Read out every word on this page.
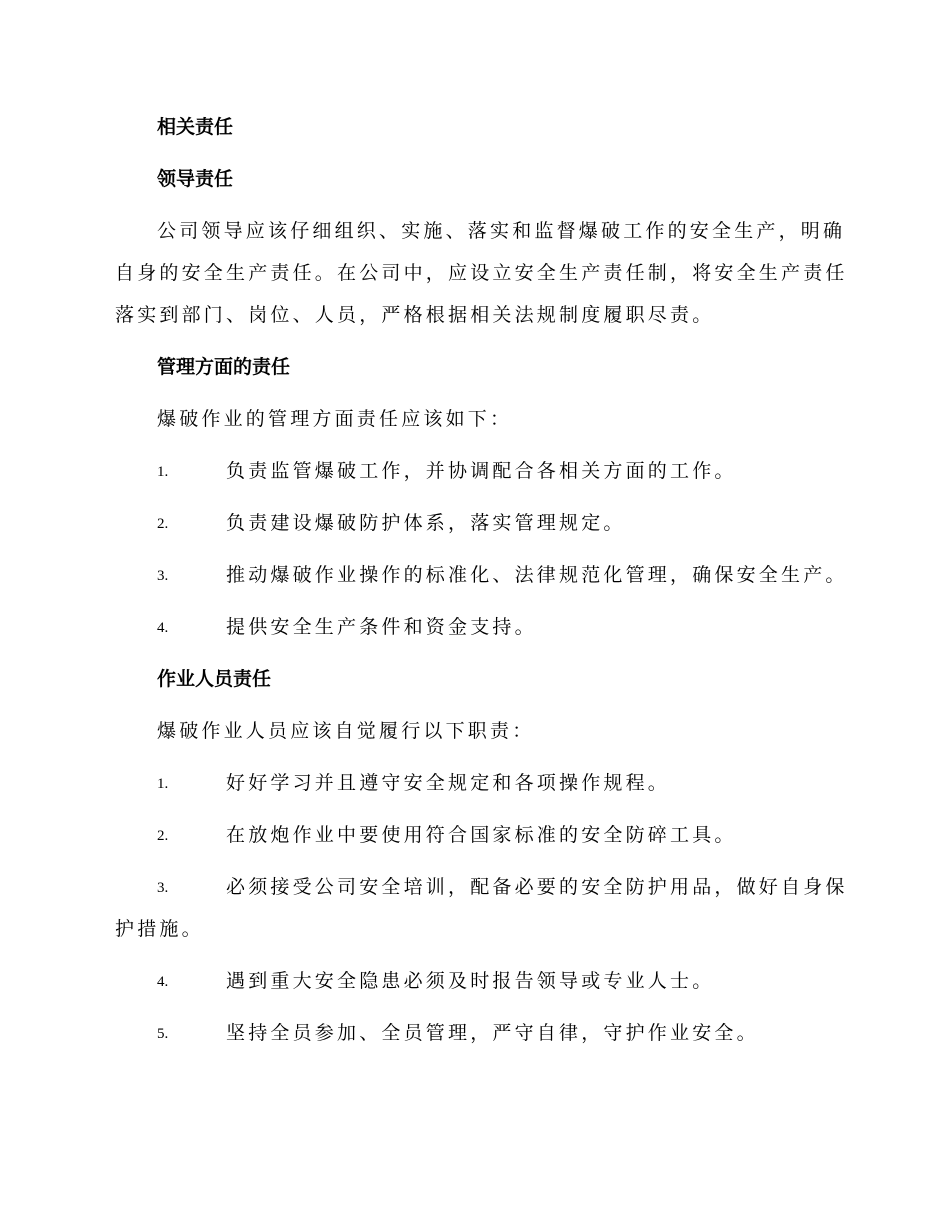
相关责任
领导责任
公司领导应该仔细组织、实施、落实和监督爆破工作的安全生产，明确
自身的安全生产责任。在公司中，应设立安全生产责任制，将安全生产责任
落实到部门、岗位、人员，严格根据相关法规制度履职尽责。
管理方面的责任
爆破作业的管理方面责任应该如下：
1.	负责监管爆破工作，并协调配合各相关方面的工作。
2.	负责建设爆破防护体系，落实管理规定。
3.	推动爆破作业操作的标准化、法律规范化管理，确保安全生产。
4.	提供安全生产条件和资金支持。
作业人员责任
爆破作业人员应该自觉履行以下职责：
1.	好好学习并且遵守安全规定和各项操作规程。
2.	在放炮作业中要使用符合国家标准的安全防碎工具。
3.	必须接受公司安全培训，配备必要的安全防护用品，做好自身保
护措施。
4.	遇到重大安全隐患必须及时报告领导或专业人士。
5.	坚持全员参加、全员管理，严守自律，守护作业安全。
